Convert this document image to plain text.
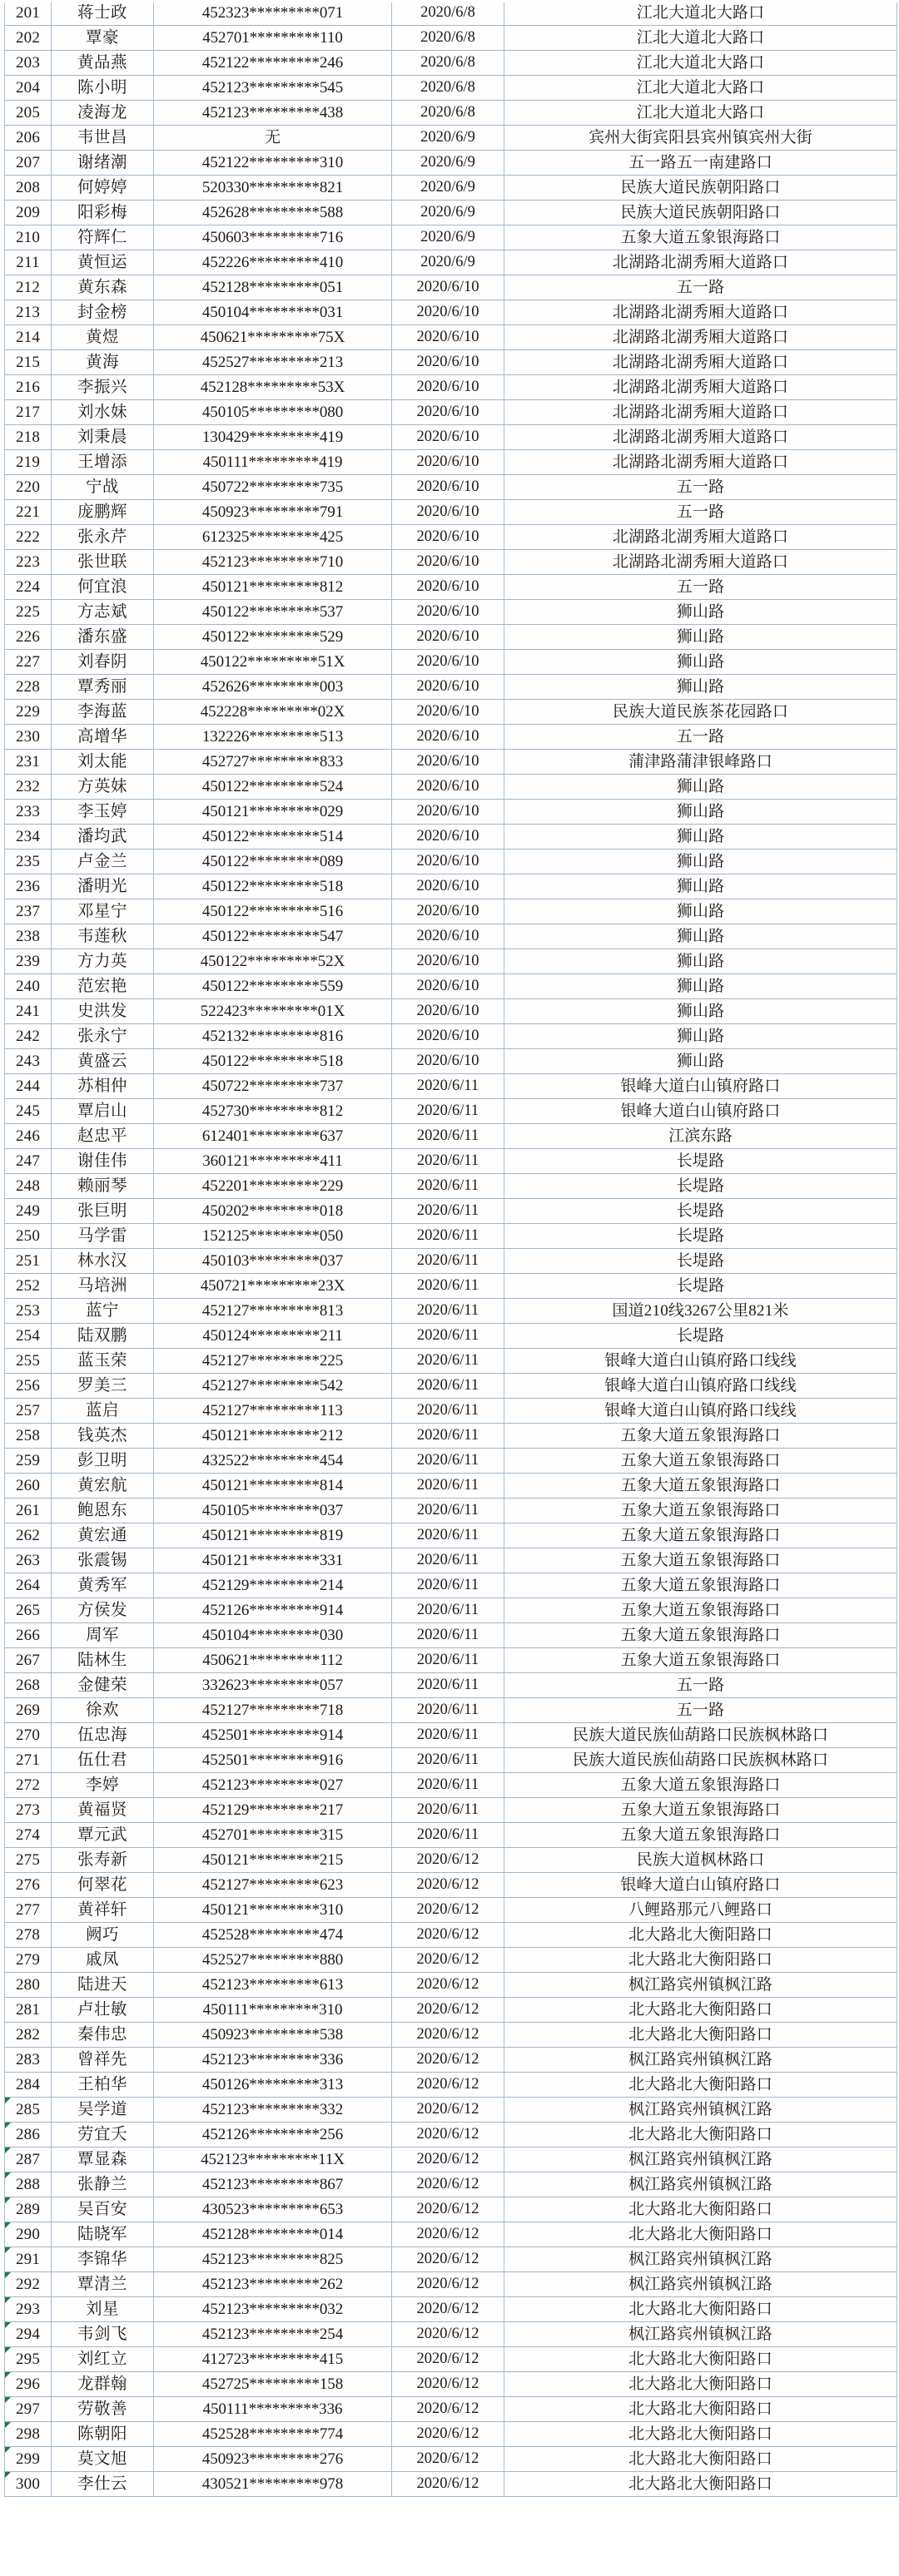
201	蒋士政	452323*********071	2020/6/8	江北大道北大路口
202	覃豪	452701*********110	2020/6/8	江北大道北大路口
203	黄品燕	452122*********246	2020/6/8	江北大道北大路口
204	陈小明	452123*********545	2020/6/8	江北大道北大路口
205	凌海龙	452123*********438	2020/6/8	江北大道北大路口
206	韦世昌	无	2020/6/9	宾州大街宾阳县宾州镇宾州大街
207	谢绪潮	452122*********310	2020/6/9	五一路五一南建路口
208	何婷婷	520330*********821	2020/6/9	民族大道民族朝阳路口
209	阳彩梅	452628*********588	2020/6/9	民族大道民族朝阳路口
210	符辉仁	450603*********716	2020/6/9	五象大道五象银海路口
211	黄恒运	452226*********410	2020/6/9	北湖路北湖秀厢大道路口
212	黄东森	452128*********051	2020/6/10	五一路
213	封金榜	450104*********031	2020/6/10	北湖路北湖秀厢大道路口
214	黄煜	450621*********75X	2020/6/10	北湖路北湖秀厢大道路口
215	黄海	452527*********213	2020/6/10	北湖路北湖秀厢大道路口
216	李振兴	452128*********53X	2020/6/10	北湖路北湖秀厢大道路口
217	刘水妹	450105*********080	2020/6/10	北湖路北湖秀厢大道路口
218	刘秉晨	130429*********419	2020/6/10	北湖路北湖秀厢大道路口
219	王增添	450111*********419	2020/6/10	北湖路北湖秀厢大道路口
220	宁战	450722*********735	2020/6/10	五一路
221	庞鹏辉	450923*********791	2020/6/10	五一路
222	张永芹	612325*********425	2020/6/10	北湖路北湖秀厢大道路口
223	张世联	452123*********710	2020/6/10	北湖路北湖秀厢大道路口
224	何宜浪	450121*********812	2020/6/10	五一路
225	方志斌	450122*********537	2020/6/10	狮山路
226	潘东盛	450122*********529	2020/6/10	狮山路
227	刘春阴	450122*********51X	2020/6/10	狮山路
228	覃秀丽	452626*********003	2020/6/10	狮山路
229	李海蓝	452228*********02X	2020/6/10	民族大道民族茶花园路口
230	高增华	132226*********513	2020/6/10	五一路
231	刘太能	452727*********833	2020/6/10	蒲津路蒲津银峰路口
232	方英妹	450122*********524	2020/6/10	狮山路
233	李玉婷	450121*********029	2020/6/10	狮山路
234	潘均武	450122*********514	2020/6/10	狮山路
235	卢金兰	450122*********089	2020/6/10	狮山路
236	潘明光	450122*********518	2020/6/10	狮山路
237	邓星宁	450122*********516	2020/6/10	狮山路
238	韦莲秋	450122*********547	2020/6/10	狮山路
239	方力英	450122*********52X	2020/6/10	狮山路
240	范宏艳	450122*********559	2020/6/10	狮山路
241	史洪发	522423*********01X	2020/6/10	狮山路
242	张永宁	452132*********816	2020/6/10	狮山路
243	黄盛云	450122*********518	2020/6/10	狮山路
244	苏相仲	450722*********737	2020/6/11	银峰大道白山镇府路口
245	覃启山	452730*********812	2020/6/11	银峰大道白山镇府路口
246	赵忠平	612401*********637	2020/6/11	江滨东路
247	谢佳伟	360121*********411	2020/6/11	长堤路
248	赖丽琴	452201*********229	2020/6/11	长堤路
249	张巨明	450202*********018	2020/6/11	长堤路
250	马学雷	152125*********050	2020/6/11	长堤路
251	林水汉	450103*********037	2020/6/11	长堤路
252	马培洲	450721*********23X	2020/6/11	长堤路
253	蓝宁	452127*********813	2020/6/11	国道210线3267公里821米
254	陆双鹏	450124*********211	2020/6/11	长堤路
255	蓝玉荣	452127*********225	2020/6/11	银峰大道白山镇府路口线线
256	罗美三	452127*********542	2020/6/11	银峰大道白山镇府路口线线
257	蓝启	452127*********113	2020/6/11	银峰大道白山镇府路口线线
258	钱英杰	450121*********212	2020/6/11	五象大道五象银海路口
259	彭卫明	432522*********454	2020/6/11	五象大道五象银海路口
260	黄宏航	450121*********814	2020/6/11	五象大道五象银海路口
261	鲍恩东	450105*********037	2020/6/11	五象大道五象银海路口
262	黄宏通	450121*********819	2020/6/11	五象大道五象银海路口
263	张震锡	450121*********331	2020/6/11	五象大道五象银海路口
264	黄秀军	452129*********214	2020/6/11	五象大道五象银海路口
265	方侯发	452126*********914	2020/6/11	五象大道五象银海路口
266	周军	450104*********030	2020/6/11	五象大道五象银海路口
267	陆林生	450621*********112	2020/6/11	五象大道五象银海路口
268	金健荣	332623*********057	2020/6/11	五一路
269	徐欢	452127*********718	2020/6/11	五一路
270	伍忠海	452501*********914	2020/6/11	民族大道民族仙葫路口民族枫林路口
271	伍仕君	452501*********916	2020/6/11	民族大道民族仙葫路口民族枫林路口
272	李婷	452123*********027	2020/6/11	五象大道五象银海路口
273	黄福贤	452129*********217	2020/6/11	五象大道五象银海路口
274	覃元武	452701*********315	2020/6/11	五象大道五象银海路口
275	张寿新	450121*********215	2020/6/12	民族大道枫林路口
276	何翠花	452127*********623	2020/6/12	银峰大道白山镇府路口
277	黄祥轩	450121*********310	2020/6/12	八鲤路那元八鲤路口
278	阙巧	452528*********474	2020/6/12	北大路北大衡阳路口
279	戚凤	452527*********880	2020/6/12	北大路北大衡阳路口
280	陆进天	452123*********613	2020/6/12	枫江路宾州镇枫江路
281	卢壮敏	450111*********310	2020/6/12	北大路北大衡阳路口
282	秦伟忠	450923*********538	2020/6/12	北大路北大衡阳路口
283	曾祥先	452123*********336	2020/6/12	枫江路宾州镇枫江路
284	王柏华	450126*********313	2020/6/12	北大路北大衡阳路口
285	吴学道	452123*********332	2020/6/12	枫江路宾州镇枫江路
286	劳宜夭	452126*********256	2020/6/12	北大路北大衡阳路口
287	覃显森	452123*********11X	2020/6/12	枫江路宾州镇枫江路
288	张静兰	452123*********867	2020/6/12	枫江路宾州镇枫江路
289	吴百安	430523*********653	2020/6/12	北大路北大衡阳路口
290	陆晓军	452128*********014	2020/6/12	北大路北大衡阳路口
291	李锦华	452123*********825	2020/6/12	枫江路宾州镇枫江路
292	覃清兰	452123*********262	2020/6/12	枫江路宾州镇枫江路
293	刘星	452123*********032	2020/6/12	北大路北大衡阳路口
294	韦剑飞	452123*********254	2020/6/12	枫江路宾州镇枫江路
295	刘红立	412723*********415	2020/6/12	北大路北大衡阳路口
296	龙群翰	452725*********158	2020/6/12	北大路北大衡阳路口
297	劳敬善	450111*********336	2020/6/12	北大路北大衡阳路口
298	陈朝阳	452528*********774	2020/6/12	北大路北大衡阳路口
299	莫文旭	450923*********276	2020/6/12	北大路北大衡阳路口
300	李仕云	430521*********978	2020/6/12	北大路北大衡阳路口
